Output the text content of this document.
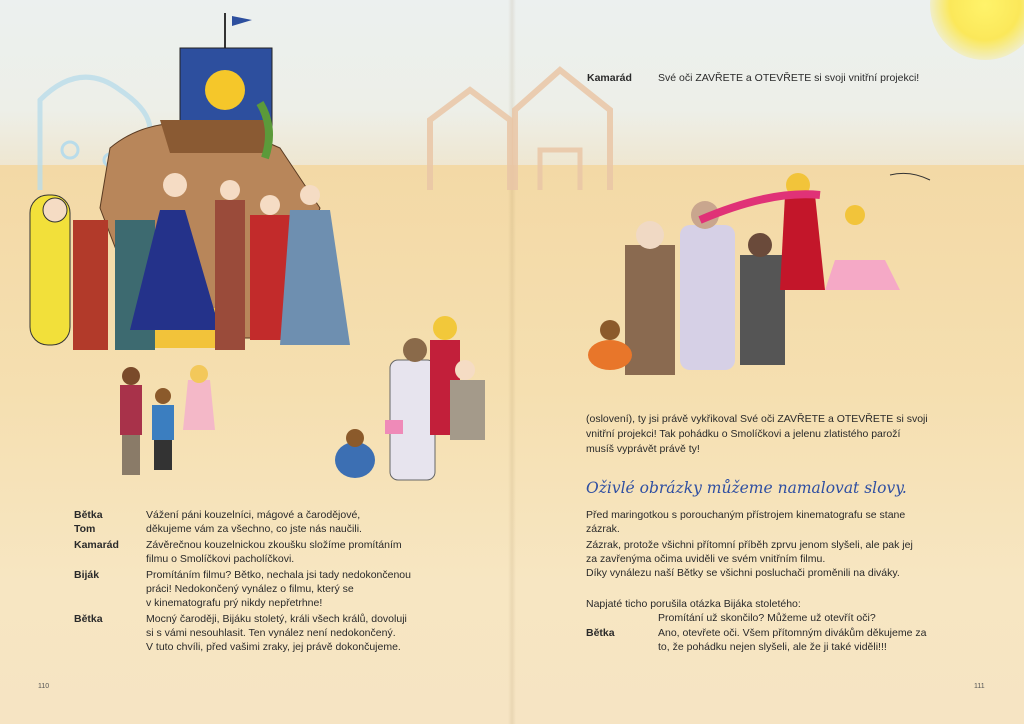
Kamarád Své oči ZAVŘETE a OTEVŘETE si svoji vnitřní projekci!
Bětka	Vážení páni kouzelníci, mágové a čarodějové,
Tom	děkujeme vám za všechno, co jste nás naučili.
Kamarád	Závěrečnou kouzelnickou zkoušku složíme promítáním
filmu o Smolíčkovi pacholíčkovi.
Biják	Promítáním filmu? Bětko, nechala jsi tady nedokončenou
práci! Nedokončený vynález o filmu, který se
v kinematografu prý nikdy nepřetrhne!
Bětka	Mocný čaroději, Bijáku stoletý, králi všech králů, dovoluji
si s vámi nesouhlasit. Ten vynález není nedokončený.
V tuto chvíli, před vašimi zraky, jej právě dokončujeme.
110
(oslovení), ty jsi právě vykřikoval Své oči ZAVŘETE a OTEVŘETE si svoji
vnitřní projekci! Tak pohádku o Smolíčkovi a jelenu zlatistého paroží
musíš vyprávět právě ty!
Oživlé obrázky můžeme namalovat slovy.
Před maringotkou s porouchaným přístrojem kinematografu se stane
zázrak.
Zázrak, protože všichni přítomní příběh zprvu jenom slyšeli, ale pak jej
za zavřenýma očima uviděli ve svém vnitřním filmu.
Díky vynálezu naší Bětky se všichni posluchači proměnili na diváky.
Napjaté ticho porušila otázka Bijáka stoletého:
Promítání už skončilo? Můžeme už otevřít oči?
Bětka	Ano, otevřete oči. Všem přítomným divákům děkujeme za
to, že pohádku nejen slyšeli, ale že ji také viděli!!!
111
